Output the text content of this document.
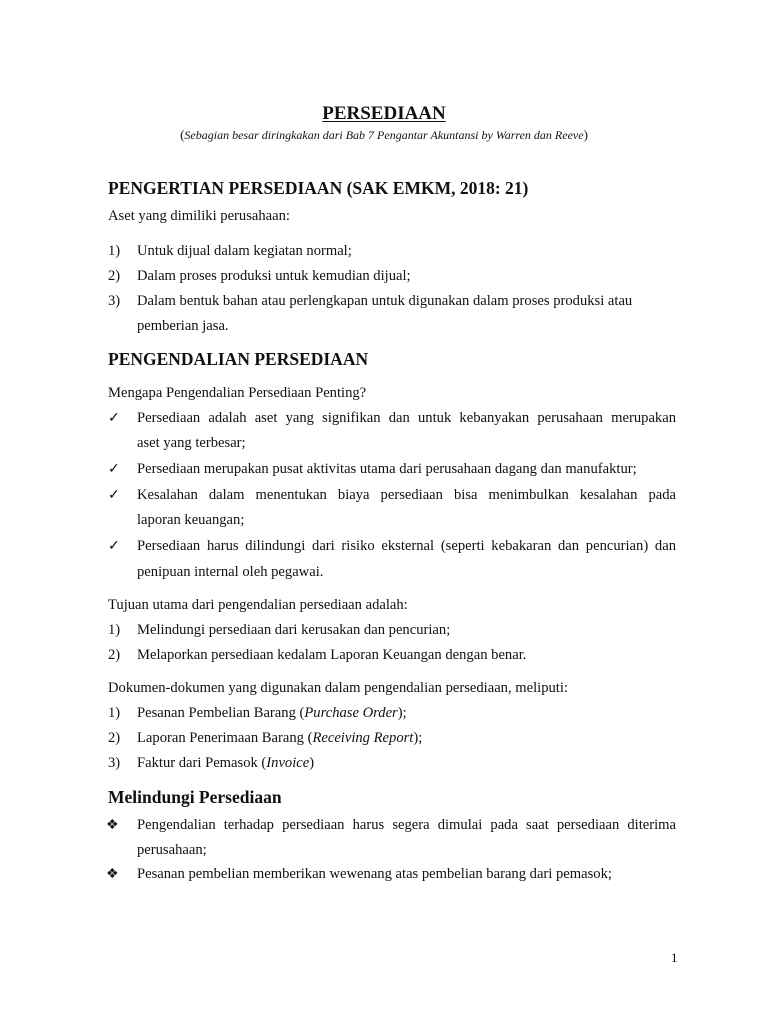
PERSEDIAAN
(Sebagian besar diringkakan dari Bab 7 Pengantar Akuntansi by Warren dan Reeve)
PENGERTIAN PERSEDIAAN (SAK EMKM, 2018: 21)
Aset yang dimiliki perusahaan:
1) Untuk dijual dalam kegiatan normal;
2) Dalam proses produksi untuk kemudian dijual;
3) Dalam bentuk bahan atau perlengkapan untuk digunakan dalam proses produksi atau
pemberian jasa.
PENGENDALIAN PERSEDIAAN
Mengapa Pengendalian Persediaan Penting?
✓ Persediaan adalah aset yang signifikan dan untuk kebanyakan perusahaan merupakan
aset yang terbesar;
✓ Persediaan merupakan pusat aktivitas utama dari perusahaan dagang dan manufaktur;
✓ Kesalahan dalam menentukan biaya persediaan bisa menimbulkan kesalahan pada
laporan keuangan;
✓ Persediaan harus dilindungi dari risiko eksternal (seperti kebakaran dan pencurian) dan
penipuan internal oleh pegawai.
Tujuan utama dari pengendalian persediaan adalah:
1) Melindungi persediaan dari kerusakan dan pencurian;
2) Melaporkan persediaan kedalam Laporan Keuangan dengan benar.
Dokumen-dokumen yang digunakan dalam pengendalian persediaan, meliputi:
1) Pesanan Pembelian Barang (Purchase Order);
2) Laporan Penerimaan Barang (Receiving Report);
3) Faktur dari Pemasok (Invoice)
Melindungi Persediaan
❖ Pengendalian terhadap persediaan harus segera dimulai pada saat persediaan diterima
perusahaan;
❖ Pesanan pembelian memberikan wewenang atas pembelian barang dari pemasok;
1
